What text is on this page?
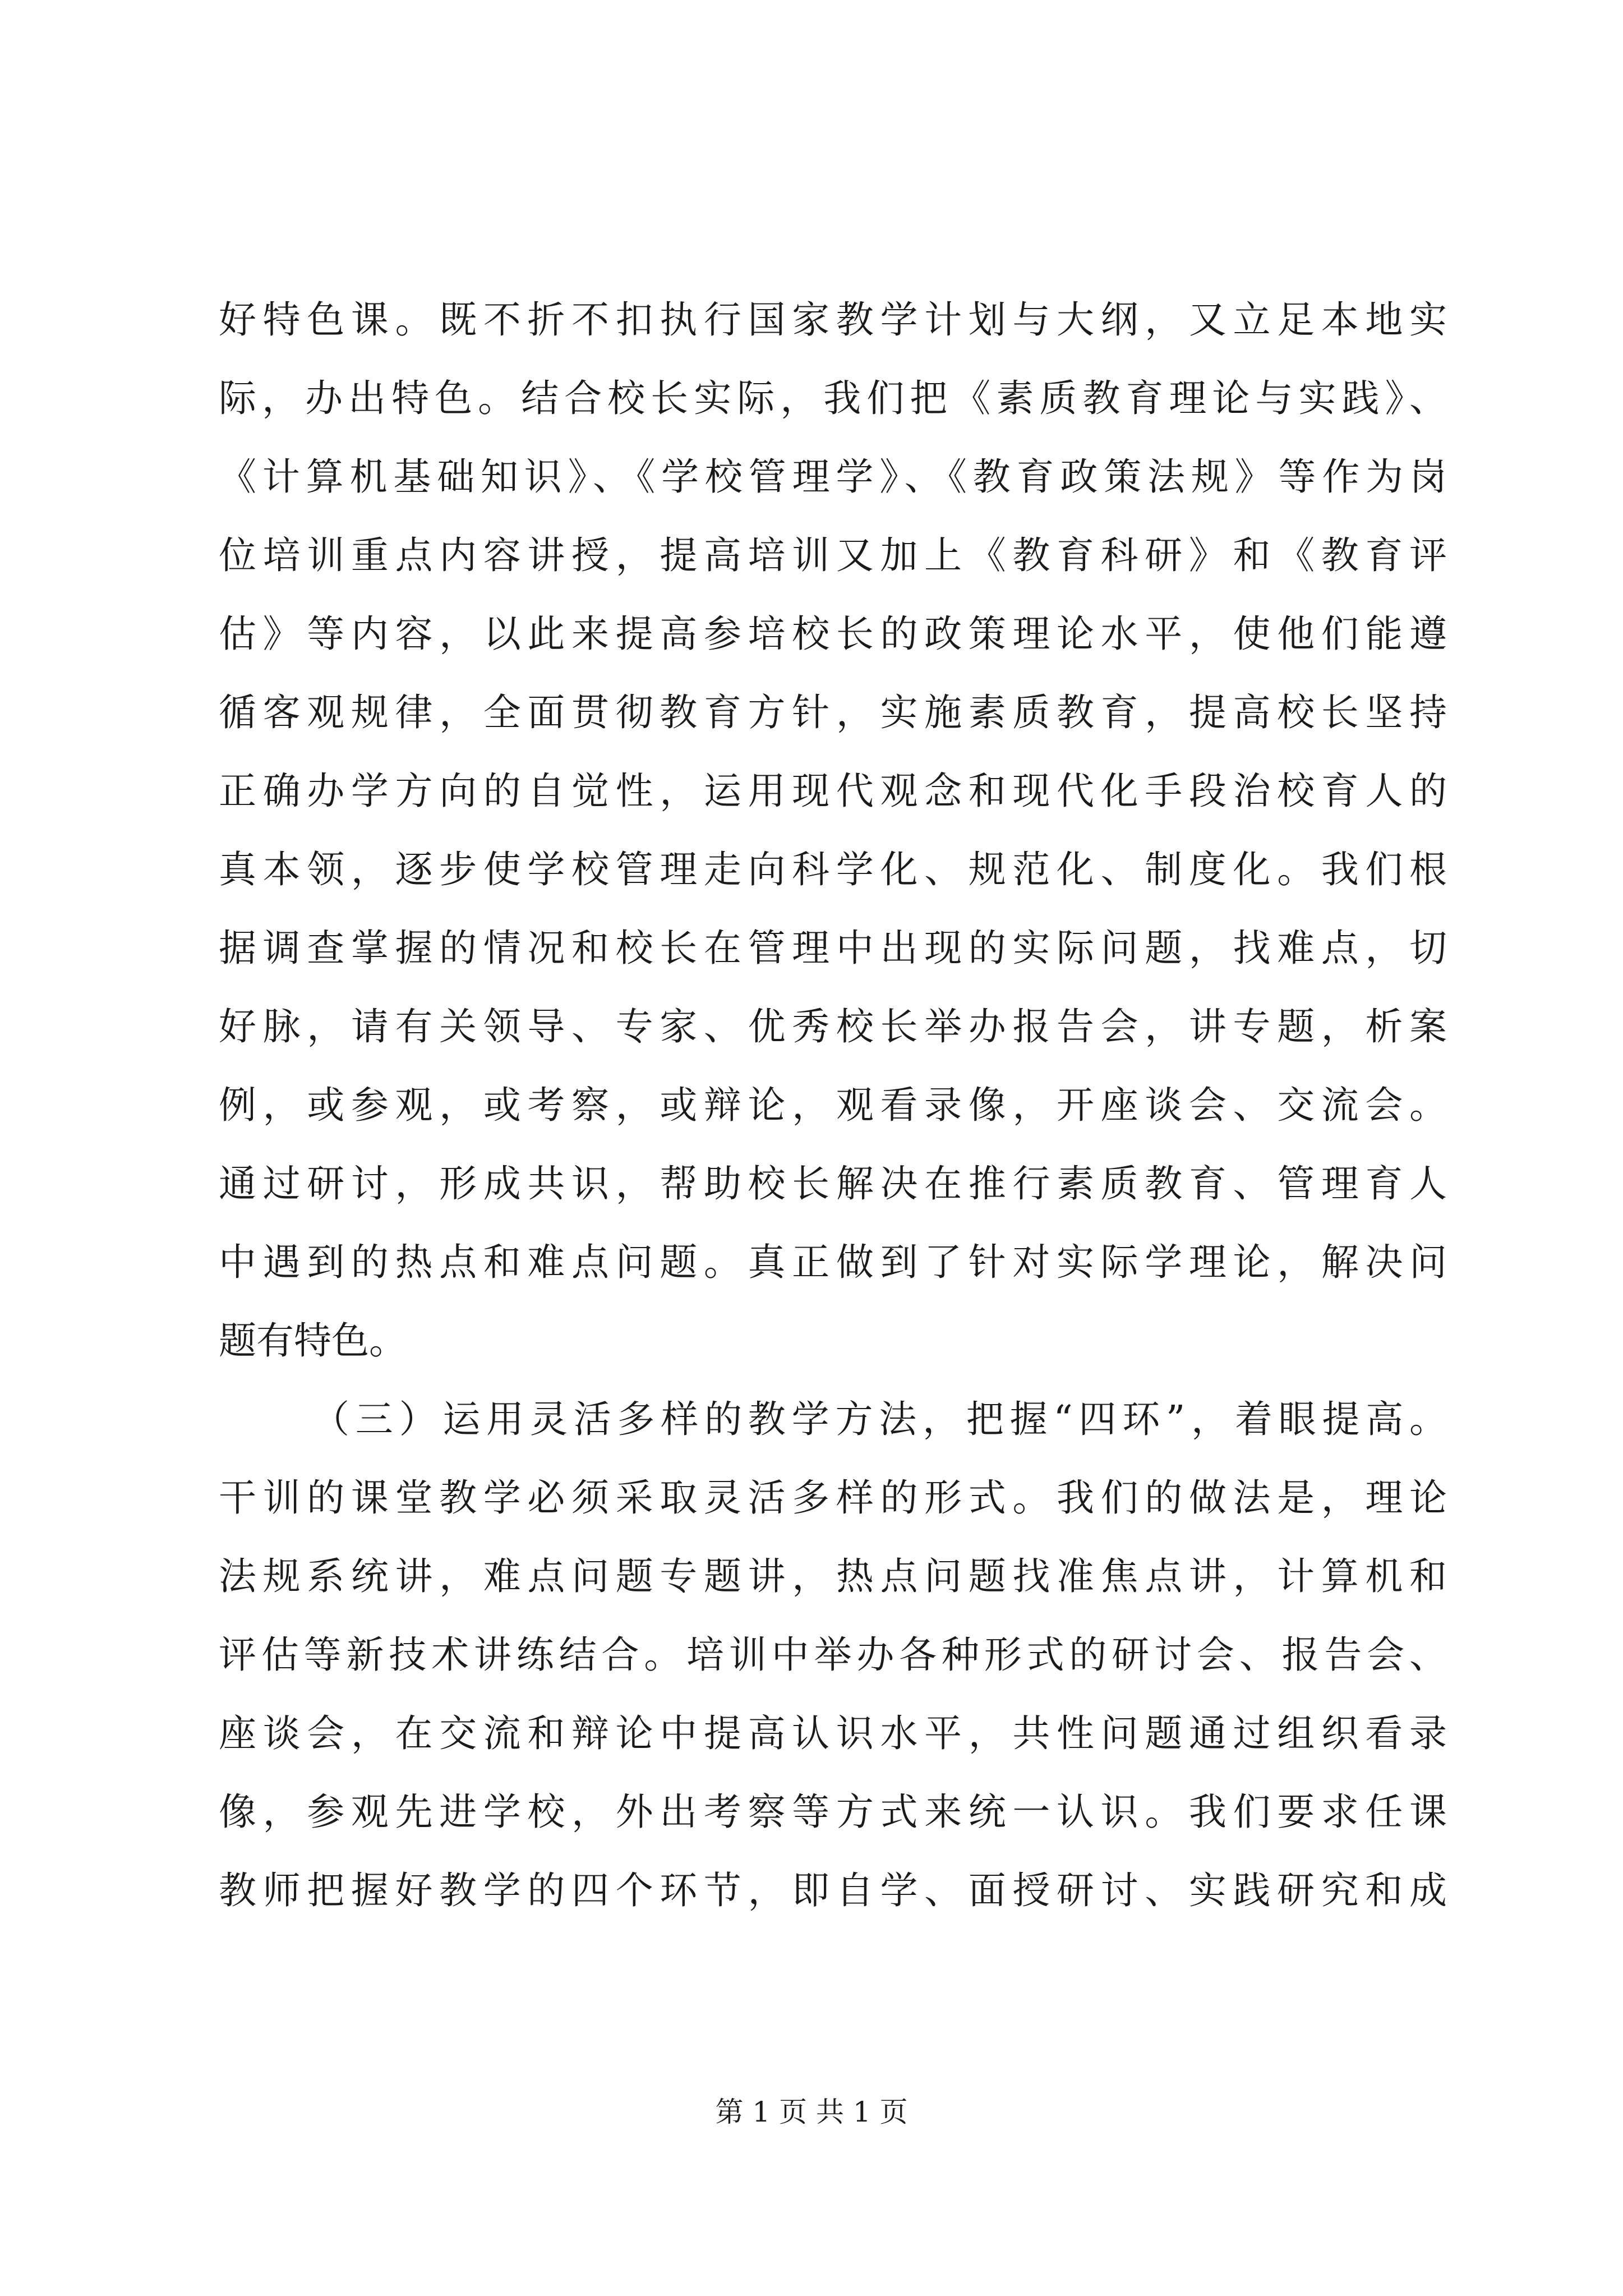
好特色课。既不折不扣执行国家教学计划与大纲，又立足本地实
际，办出特色。结合校长实际，我们把《素质教育理论与实践》、
《计算机基础知识》、《学校管理学》、《教育政策法规》等作为岗
位培训重点内容讲授，提高培训又加上《教育科研》和《教育评
估》等内容，以此来提高参培校长的政策理论水平，使他们能遵
循客观规律，全面贯彻教育方针，实施素质教育，提高校长坚持
正确办学方向的自觉性，运用现代观念和现代化手段治校育人的
真本领，逐步使学校管理走向科学化、规范化、制度化。我们根
据调查掌握的情况和校长在管理中出现的实际问题，找难点，切
好脉，请有关领导、专家、优秀校长举办报告会，讲专题，析案
例，或参观，或考察，或辩论，观看录像，开座谈会、交流会。
通过研讨，形成共识，帮助校长解决在推行素质教育、管理育人
中遇到的热点和难点问题。真正做到了针对实际学理论，解决问
题有特色。
（三）运用灵活多样的教学方法，把握“四环”，着眼提高。
干训的课堂教学必须采取灵活多样的形式。我们的做法是，理论
法规系统讲，难点问题专题讲，热点问题找准焦点讲，计算机和
评估等新技术讲练结合。培训中举办各种形式的研讨会、报告会、
座谈会，在交流和辩论中提高认识水平，共性问题通过组织看录
像，参观先进学校，外出考察等方式来统一认识。我们要求任课
教师把握好教学的四个环节，即自学、面授研讨、实践研究和成
第 1 页 共 1 页
